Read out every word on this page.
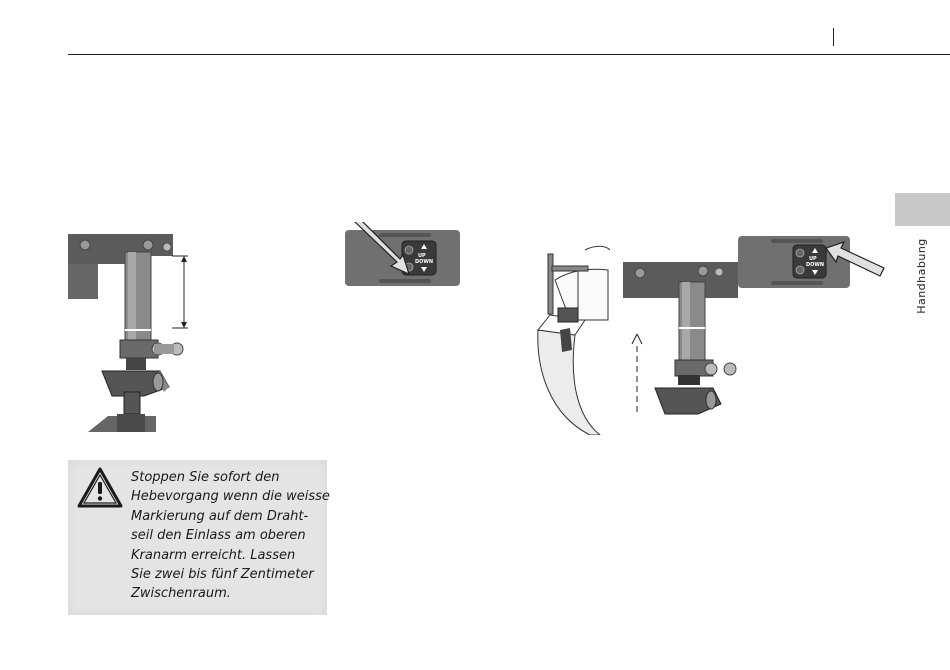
Handhabung
UP
DOWN	UP
DOWN
Stoppen Sie sofort den
Hebevorgang wenn die weisse
Markierung auf dem Draht-
seil den Einlass am oberen
Kranarm erreicht. Lassen
Sie zwei bis fünf Zentimeter
Zwischenraum.
